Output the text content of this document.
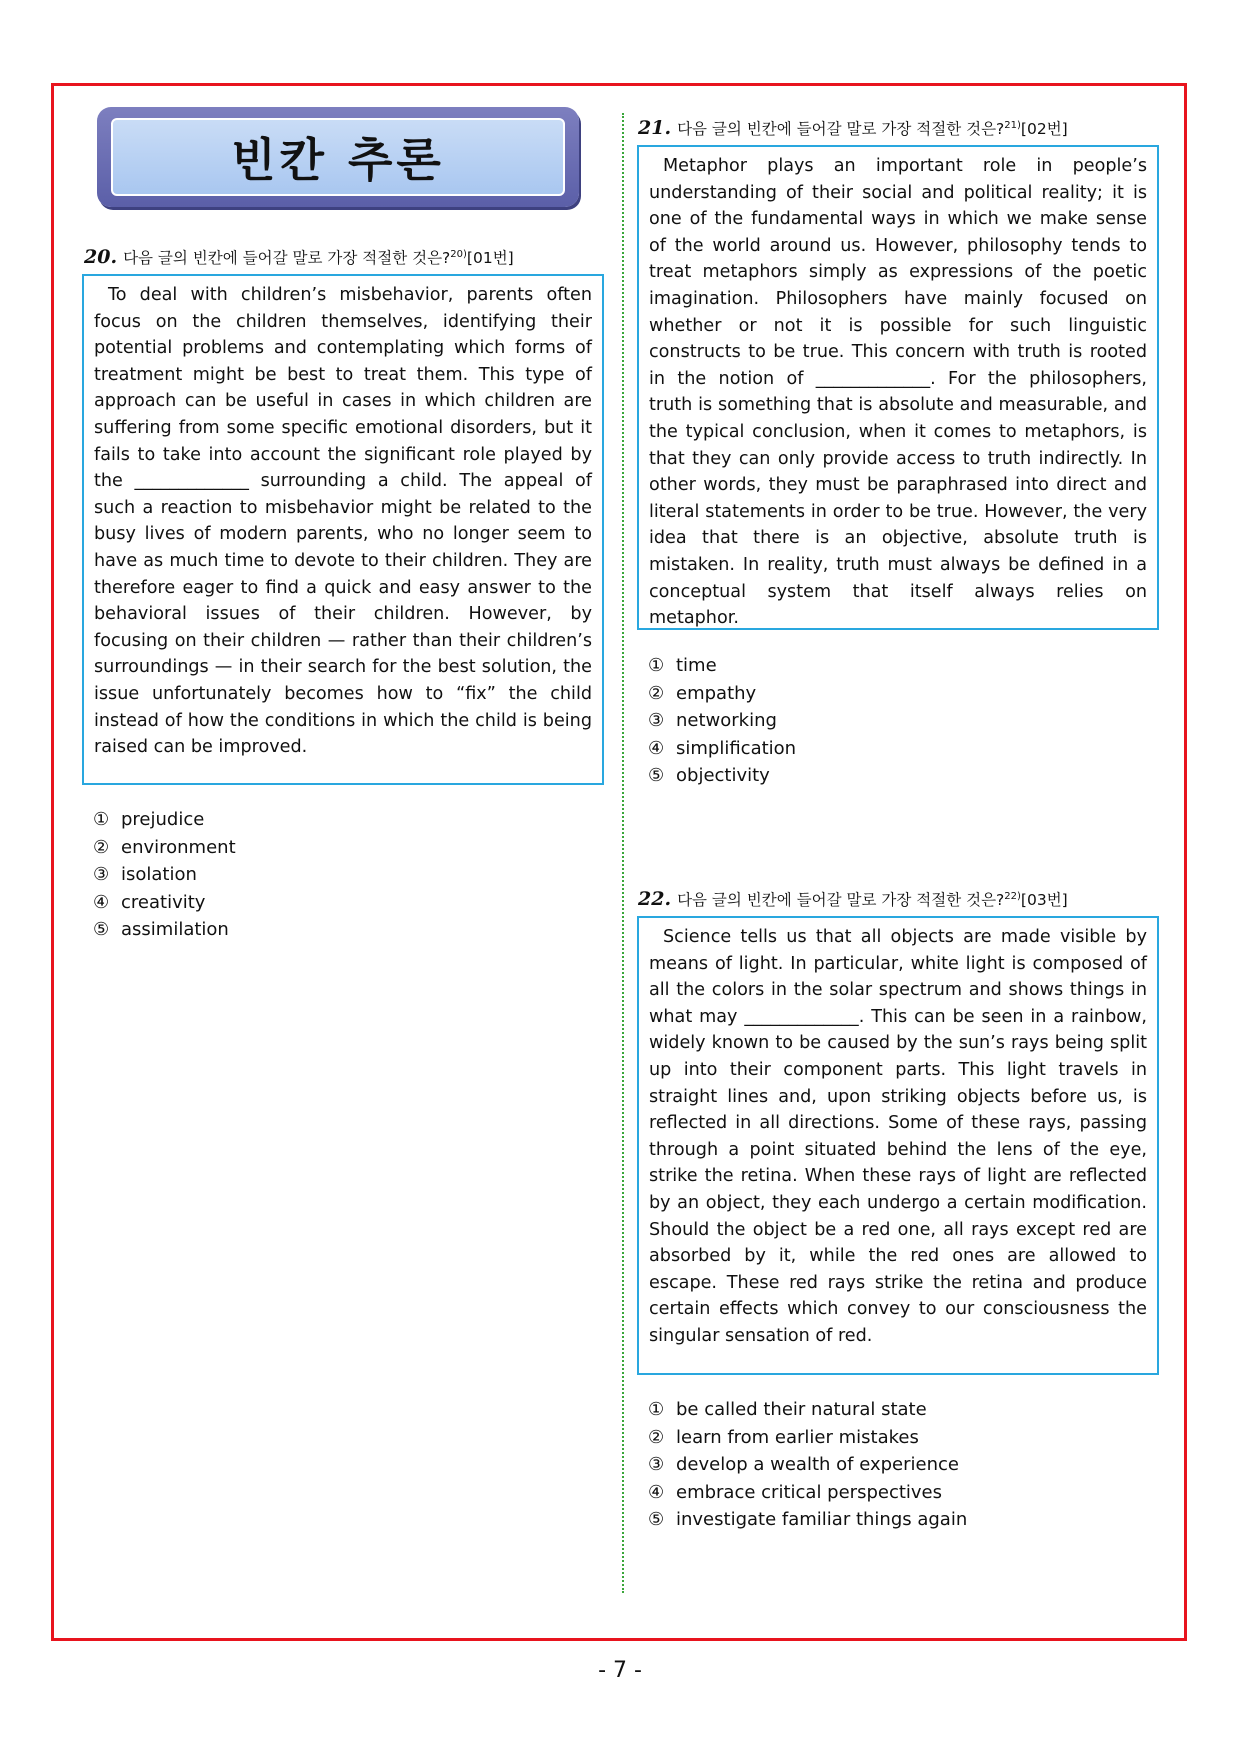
빈칸 추론
20. 다음 글의 빈칸에 들어갈 말로 가장 적절한 것은?$^{20)}$[01번]
To deal with children’s misbehavior, parents often focus on the children themselves, identifying their potential problems and contemplating which forms of treatment might be best to treat them. This type of approach can be useful in cases in which children are suffering from some specific emotional disorders, but it fails to take into account the significant role played by the _____________ surrounding a child. The appeal of such a reaction to misbehavior might be related to the busy lives of modern parents, who no longer seem to have as much time to devote to their children. They are therefore eager to find a quick and easy answer to the behavioral issues of their children. However, by focusing on their children — rather than their children’s surroundings — in their search for the best solution, the issue unfortunately becomes how to “fix” the child instead of how the conditions in which the child is being raised can be improved.
① prejudice
② environment
③ isolation
④ creativity
⑤ assimilation
21. 다음 글의 빈칸에 들어갈 말로 가장 적절한 것은?$^{21)}$[02번]
Metaphor plays an important role in people’s understanding of their social and political reality; it is one of the fundamental ways in which we make sense of the world around us. However, philosophy tends to treat metaphors simply as expressions of the poetic imagination. Philosophers have mainly focused on whether or not it is possible for such linguistic constructs to be true. This concern with truth is rooted in the notion of _____________. For the philosophers, truth is something that is absolute and measurable, and the typical conclusion, when it comes to metaphors, is that they can only provide access to truth indirectly. In other words, they must be paraphrased into direct and literal statements in order to be true. However, the very idea that there is an objective, absolute truth is mistaken. In reality, truth must always be defined in a conceptual system that itself always relies on metaphor.
① time
② empathy
③ networking
④ simplification
⑤ objectivity
22. 다음 글의 빈칸에 들어갈 말로 가장 적절한 것은?$^{22)}$[03번]
Science tells us that all objects are made visible by means of light. In particular, white light is composed of all the colors in the solar spectrum and shows things in what may _____________. This can be seen in a rainbow, widely known to be caused by the sun’s rays being split up into their component parts. This light travels in straight lines and, upon striking objects before us, is reflected in all directions. Some of these rays, passing through a point situated behind the lens of the eye, strike the retina. When these rays of light are reflected by an object, they each undergo a certain modification. Should the object be a red one, all rays except red are absorbed by it, while the red ones are allowed to escape. These red rays strike the retina and produce certain effects which convey to our consciousness the singular sensation of red.
① be called their natural state
② learn from earlier mistakes
③ develop a wealth of experience
④ embrace critical perspectives
⑤ investigate familiar things again
- 7 -
